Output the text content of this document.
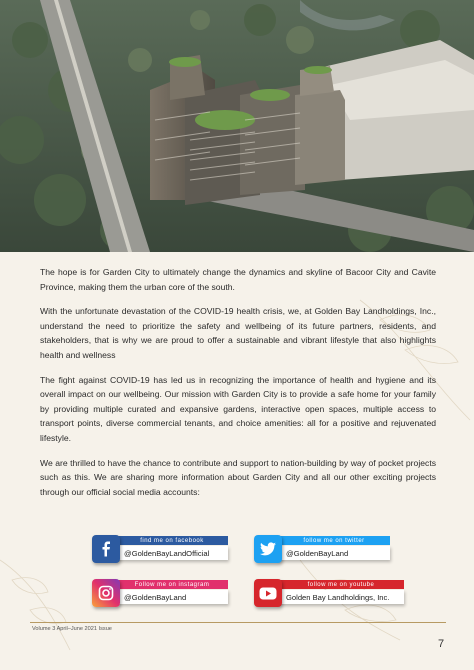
The hope is for Garden City to ultimately change the dynamics and skyline of Bacoor City and Cavite Province, making them the urban core of the south.

With the unfortunate devastation of the COVID-19 health crisis, we, at Golden Bay Landholdings, Inc., understand the need to prioritize the safety and wellbeing of its future partners, residents, and stakeholders, that is why we are proud to offer a sustainable and vibrant lifestyle that also highlights health and wellness

The fight against COVID-19 has led us in recognizing the importance of health and hygiene and its overall impact on our wellbeing. Our mission with Garden City is to provide a safe home for your family by providing multiple curated and expansive gardens, interactive open spaces, multiple access to transport points, diverse commercial tenants, and choice amenities: all for a positive and rejuvenated lifestyle.

We are thrilled to have the chance to contribute and support to nation-building by way of pocket projects such as this. We are sharing more information about Garden City and all our other exciting projects through our official social media accounts:

find me on facebook
@GoldenBayLandOfficial
follow me on twitter
@GoldenBayLand
Follow me on instagram
@GoldenBayLand
follow me on youtube
Golden Bay Landholdings, Inc.
Volume 3 April–June 2021 Issue
7
